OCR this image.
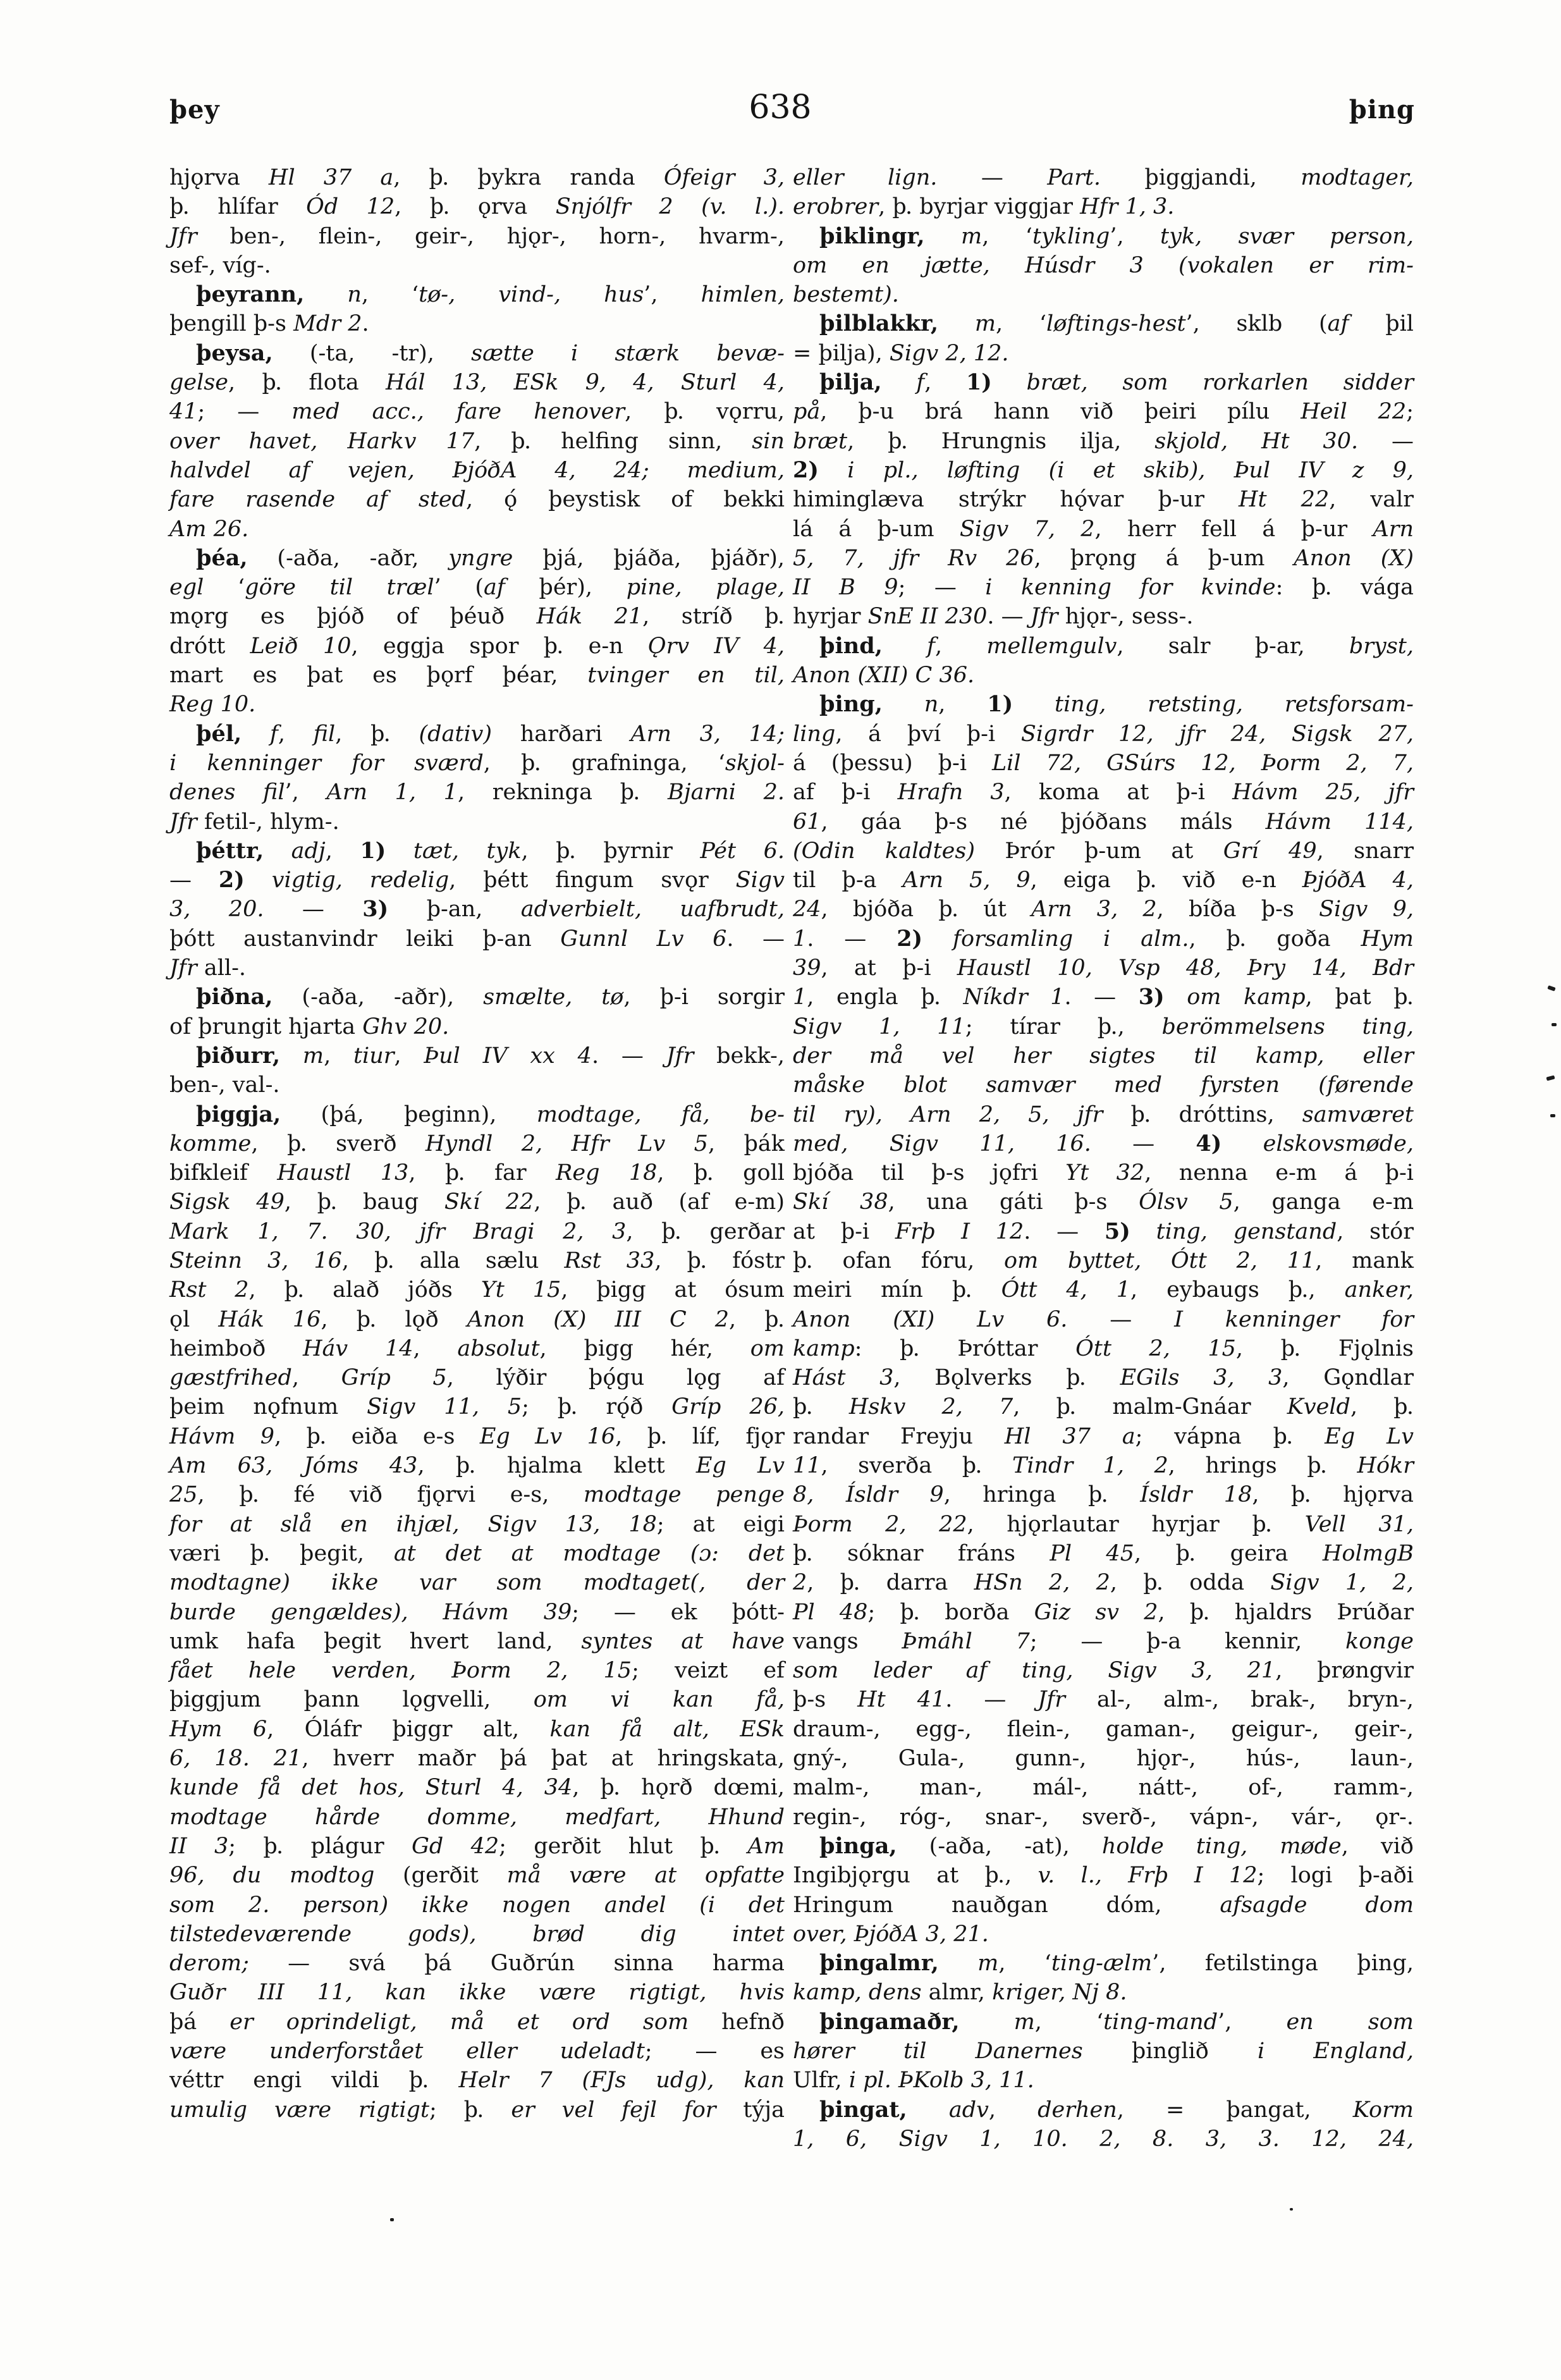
þey	638	þing
hjǫrva Hl 37 a, þ. þykra randa Ófeigr 3,
þ. hlífar Ód 12, þ. ǫrva Snjólfr 2 (v. l.).
Jfr ben-, flein-, geir-, hjǫr-, horn-, hvarm-,
sef-, víg-.
þeyrann, n, ‘tø-, vind-, hus’, himlen,
þengill þ-s Mdr 2.
þeysa, (-ta, -tr), sætte i stærk bevæ-
gelse, þ. flota Hál 13, ESk 9, 4, Sturl 4,
41; — med acc., fare henover, þ. vǫrru,
over havet, Harkv 17, þ. helfing sinn, sin
halvdel af vejen, ÞjóðA 4, 24; medium,
fare rasende af sted, ǫ́ þeystisk of bekki
Am 26.
þéa, (-aða, -aðr, yngre þjá, þjáða, þjáðr),
egl ‘göre til træl’ (af þér), pine, plage,
mǫrg es þjóð of þéuð Hák 21, stríð þ.
drótt Leið 10, eggja spor þ. e-n Ǫrv IV 4,
mart es þat es þǫrf þéar, tvinger en til,
Reg 10.
þél, f, fil, þ. (dativ) harðari Arn 3, 14;
i kenninger for sværd, þ. grafninga, ‘skjol-
denes fil’, Arn 1, 1, rekninga þ. Bjarni 2.
Jfr fetil-, hlym-.
þéttr, adj, 1) tæt, tyk, þ. þyrnir Pét 6.
— 2) vigtig, redelig, þétt fingum svǫr Sigv
3, 20. — 3) þ-an, adverbielt, uafbrudt,
þótt austanvindr leiki þ-an Gunnl Lv 6. —
Jfr all-.
þiðna, (-aða, -aðr), smælte, tø, þ-i sorgir
of þrungit hjarta Ghv 20.
þiðurr, m, tiur, Þul IV xx 4. — Jfr bekk-,
ben-, val-.
þiggja, (þá, þeginn), modtage, få, be-
komme, þ. sverð Hyndl 2, Hfr Lv 5, þák
bifkleif Haustl 13, þ. far Reg 18, þ. goll
Sigsk 49, þ. baug Skí 22, þ. auð (af e-m)
Mark 1, 7. 30, jfr Bragi 2, 3, þ. gerðar
Steinn 3, 16, þ. alla sælu Rst 33, þ. fóstr
Rst 2, þ. alað jóðs Yt 15, þigg at ósum
ǫl Hák 16, þ. lǫð Anon (X) III C 2, þ.
heimboð Háv 14, absolut, þigg hér, om
gæstfrihed, Gríp 5, lýðir þǫ́gu lǫg af
þeim nǫfnum Sigv 11, 5; þ. rǫ́ð Gríp 26,
Hávm 9, þ. eiða e-s Eg Lv 16, þ. líf, fjǫr
Am 63, Jóms 43, þ. hjalma klett Eg Lv
25, þ. fé við fjǫrvi e-s, modtage penge
for at slå en ihjæl, Sigv 13, 18; at eigi
væri þ. þegit, at det at modtage (ɔ: det
modtagne) ikke var som modtaget(, der
burde gengældes), Hávm 39; — ek þótt-
umk hafa þegit hvert land, syntes at have
fået hele verden, Þorm 2, 15; veizt ef
þiggjum þann lǫgvelli, om vi kan få,
Hym 6, Óláfr þiggr alt, kan få alt, ESk
6, 18. 21, hverr maðr þá þat at hringskata,
kunde få det hos, Sturl 4, 34, þ. hǫrð dœmi,
modtage hårde domme, medfart, Hhund
II 3; þ. plágur Gd 42; gerðit hlut þ. Am
96, du modtog (gerðit må være at opfatte
som 2. person) ikke nogen andel (i det
tilstedeværende gods), brød dig intet
derom; — svá þá Guðrún sinna harma
Guðr III 11, kan ikke være rigtigt, hvis
þá er oprindeligt, må et ord som hefnð
være underforstået eller udeladt; — es
véttr engi vildi þ. Helr 7 (FJs udg), kan
umulig være rigtigt; þ. er vel fejl for týja
eller lign. — Part. þiggjandi, modtager,
erobrer, þ. byrjar viggjar Hfr 1, 3.
þiklingr, m, ‘tykling’, tyk, svær person,
om en jætte, Húsdr 3 (vokalen er rim-
bestemt).
þilblakkr, m, ‘løftings-hest’, sklb (af þil
= þilja), Sigv 2, 12.
þilja, f, 1) bræt, som rorkarlen sidder
på, þ-u brá hann við þeiri pílu Heil 22;
bræt, þ. Hrungnis ilja, skjold, Ht 30. —
2) i pl., løfting (i et skib), Þul IV z 9,
himinglæva strýkr hǫ́var þ-ur Ht 22, valr
lá á þ-um Sigv 7, 2, herr fell á þ-ur Arn
5, 7, jfr Rv 26, þrǫng á þ-um Anon (X)
II B 9; — i kenning for kvinde: þ. vága
hyrjar SnE II 230. — Jfr hjǫr-, sess-.
þind, f, mellemgulv, salr þ-ar, bryst,
Anon (XII) C 36.
þing, n, 1) ting, retsting, retsforsam-
ling, á því þ-i Sigrdr 12, jfr 24, Sigsk 27,
á (þessu) þ-i Lil 72, GSúrs 12, Þorm 2, 7,
af þ-i Hrafn 3, koma at þ-i Hávm 25, jfr
61, gáa þ-s né þjóðans máls Hávm 114,
(Odin kaldtes) Þrór þ-um at Grí 49, snarr
til þ-a Arn 5, 9, eiga þ. við e-n ÞjóðA 4,
24, bjóða þ. út Arn 3, 2, bíða þ-s Sigv 9,
1. — 2) forsamling i alm., þ. goða Hym
39, at þ-i Haustl 10, Vsp 48, Þry 14, Bdr
1, engla þ. Níkdr 1. — 3) om kamp, þat þ.
Sigv 1, 11; tírar þ., berömmelsens ting,
der må vel her sigtes til kamp, eller
måske blot samvær med fyrsten (førende
til ry), Arn 2, 5, jfr þ. dróttins, samværet
med, Sigv 11, 16. — 4) elskovsmøde,
bjóða til þ-s jǫfri Yt 32, nenna e-m á þ-i
Skí 38, una gáti þ-s Ólsv 5, ganga e-m
at þ-i Frþ I 12. — 5) ting, genstand, stór
þ. ofan fóru, om byttet, Ótt 2, 11, mank
meiri mín þ. Ótt 4, 1, eybaugs þ., anker,
Anon (XI) Lv 6. — I kenninger for
kamp: þ. Þróttar Ótt 2, 15, þ. Fjǫlnis
Hást 3, Bǫlverks þ. EGils 3, 3, Gǫndlar
þ. Hskv 2, 7, þ. malm-Gnáar Kveld, þ.
randar Freyju Hl 37 a; vápna þ. Eg Lv
11, sverða þ. Tindr 1, 2, hrings þ. Hókr
8, Ísldr 9, hringa þ. Ísldr 18, þ. hjǫrva
Þorm 2, 22, hjǫrlautar hyrjar þ. Vell 31,
þ. sóknar fráns Pl 45, þ. geira HolmgB
2, þ. darra HSn 2, 2, þ. odda Sigv 1, 2,
Pl 48; þ. borða Giz sv 2, þ. hjaldrs Þrúðar
vangs Þmáhl 7; — þ-a kennir, konge
som leder af ting, Sigv 3, 21, þrøngvir
þ-s Ht 41. — Jfr al-, alm-, brak-, bryn-,
draum-, egg-, flein-, gaman-, geigur-, geir-,
gný-, Gula-, gunn-, hjǫr-, hús-, laun-,
malm-, man-, mál-, nátt-, of-, ramm-,
regin-, róg-, snar-, sverð-, vápn-, vár-, ǫr-.
þinga, (-aða, -at), holde ting, møde, við
Ingibjǫrgu at þ., v. l., Frþ I 12; logi þ-aði
Hringum nauðgan dóm, afsagde dom
over, ÞjóðA 3, 21.
þingalmr, m, ‘ting-ælm’, fetilstinga þing,
kamp, dens almr, kriger, Nj 8.
þingamaðr, m, ‘ting-mand’, en som
hører til Danernes þinglið i England,
Ulfr, i pl. ÞKolb 3, 11.
þingat, adv, derhen, = þangat, Korm
1, 6, Sigv 1, 10. 2, 8. 3, 3. 12, 24,
